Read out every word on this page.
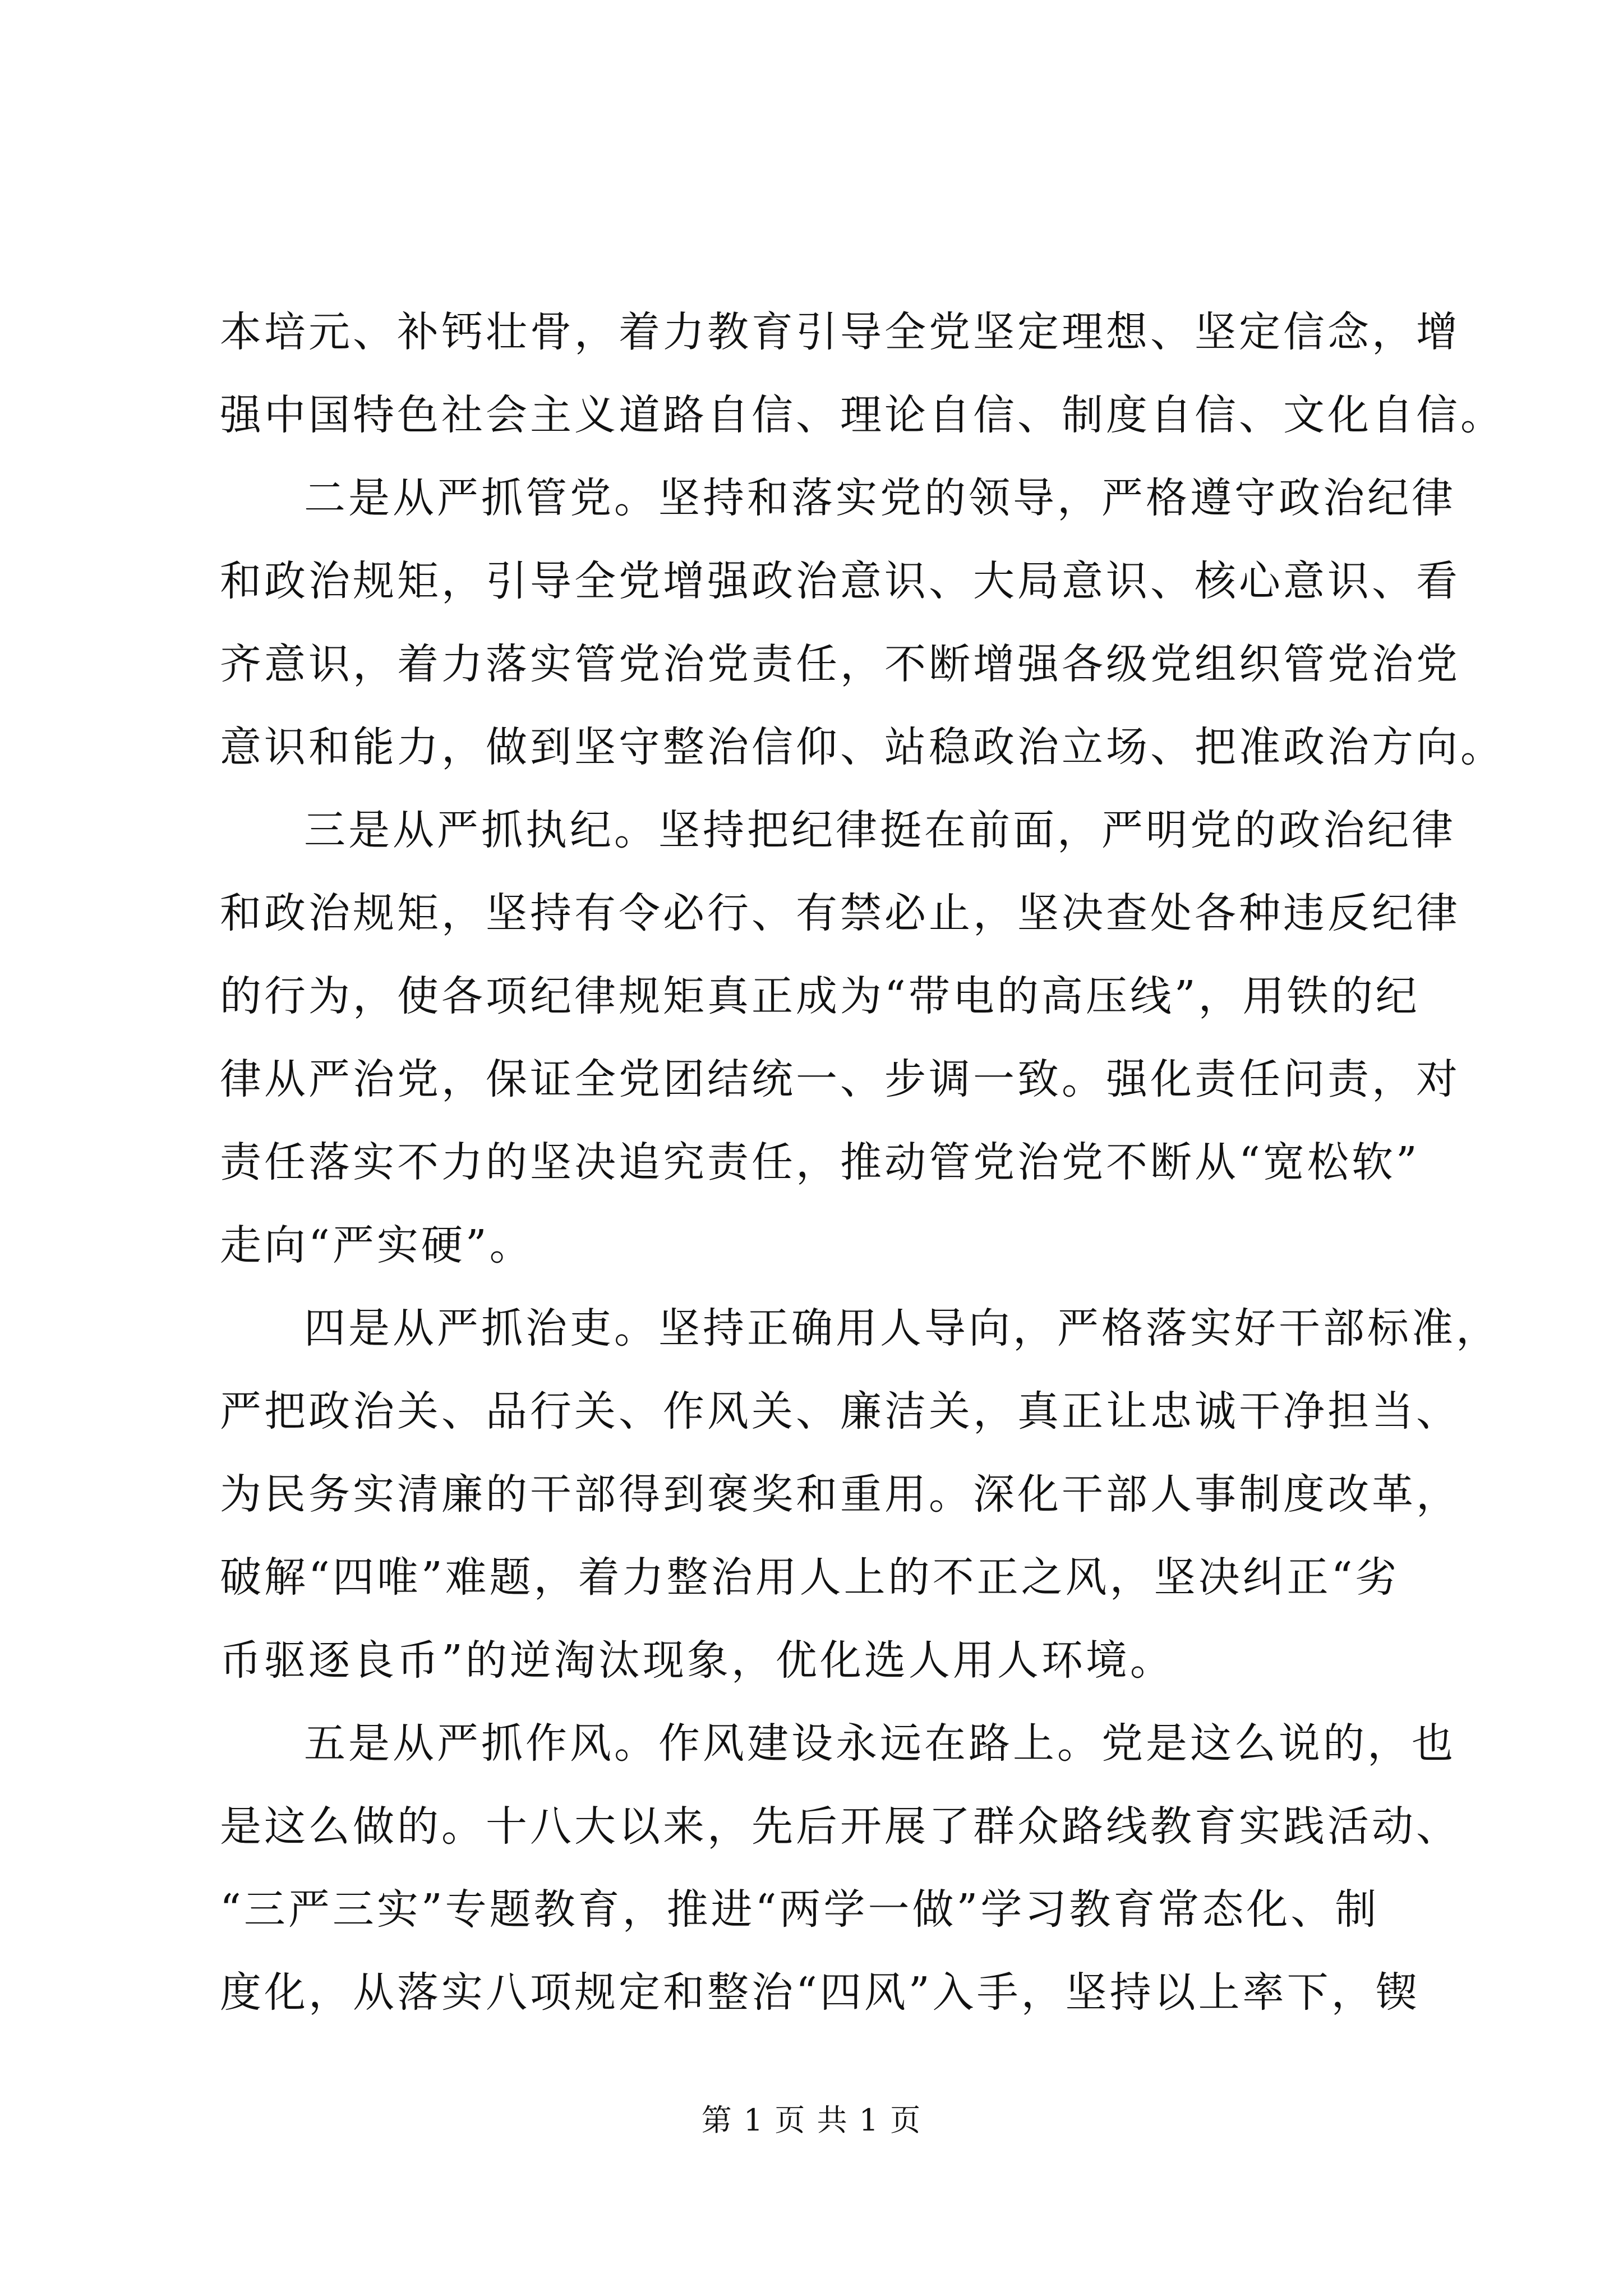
本培元、补钙壮骨，着力教育引导全党坚定理想、坚定信念，增
强中国特色社会主义道路自信、理论自信、制度自信、文化自信。
二是从严抓管党。坚持和落实党的领导，严格遵守政治纪律
和政治规矩，引导全党增强政治意识、大局意识、核心意识、看
齐意识，着力落实管党治党责任，不断增强各级党组织管党治党
意识和能力，做到坚守整治信仰、站稳政治立场、把准政治方向。
三是从严抓执纪。坚持把纪律挺在前面，严明党的政治纪律
和政治规矩，坚持有令必行、有禁必止，坚决查处各种违反纪律
的行为，使各项纪律规矩真正成为“带电的高压线”，用铁的纪
律从严治党，保证全党团结统一、步调一致。强化责任问责，对
责任落实不力的坚决追究责任，推动管党治党不断从“宽松软”
走向“严实硬”。
四是从严抓治吏。坚持正确用人导向，严格落实好干部标准，
严把政治关、品行关、作风关、廉洁关，真正让忠诚干净担当、
为民务实清廉的干部得到褒奖和重用。深化干部人事制度改革，
破解“四唯”难题，着力整治用人上的不正之风，坚决纠正“劣
币驱逐良币”的逆淘汰现象，优化选人用人环境。
五是从严抓作风。作风建设永远在路上。党是这么说的，也
是这么做的。十八大以来，先后开展了群众路线教育实践活动、
“三严三实”专题教育，推进“两学一做”学习教育常态化、制
度化，从落实八项规定和整治“四风”入手，坚持以上率下，锲
第 1 页 共 1 页
